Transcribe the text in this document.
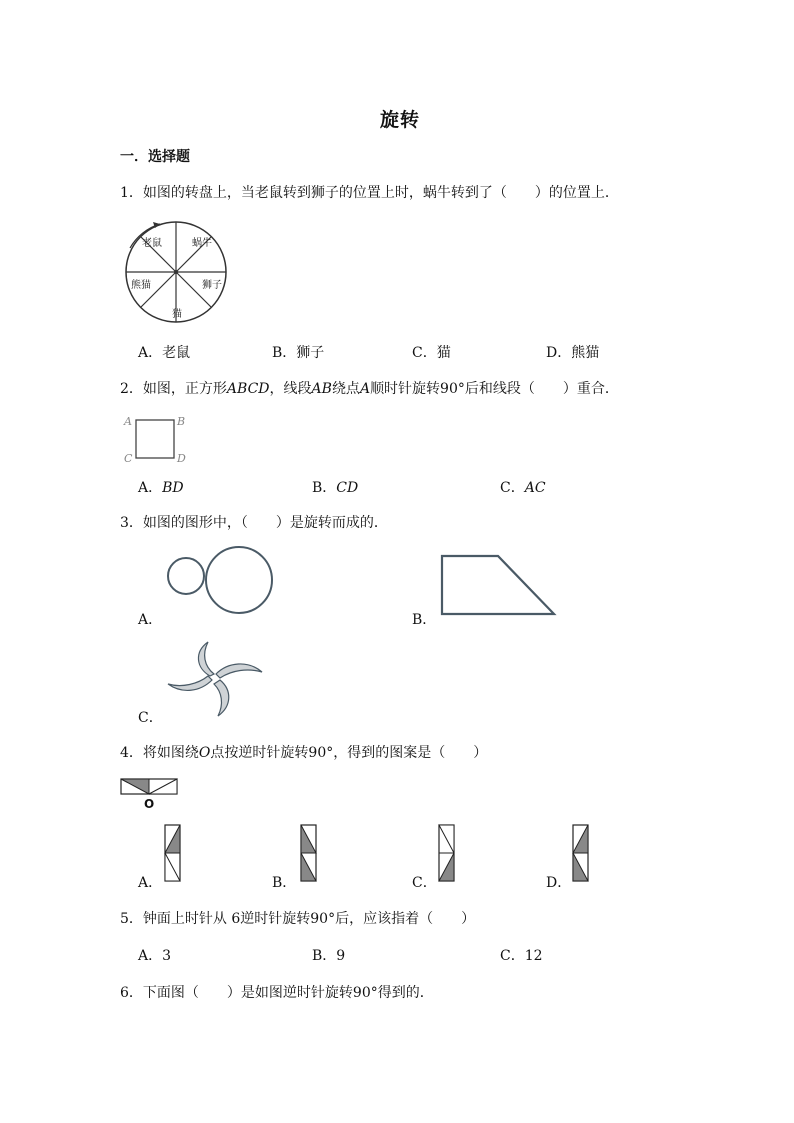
旋转
一．选择题
1．如图的转盘上，当老鼠转到狮子的位置上时，蜗牛转到了（　　）的位置上．
老鼠	蜗牛
熊猫	狮子
猫
A．老鼠	B．狮子	C．猫	D．熊猫
2．如图，正方形ABCD，线段AB绕点A顺时针旋转90°后和线段（　　）重合．
A	B
C	D
A．BD	B．CD	C．AC
3．如图的图形中，（　　）是旋转而成的．
A．	B．
C．
4．将如图绕O点按逆时针旋转90°，得到的图案是（　　）
O
A．	B．	C．	D．
5．钟面上时针从 6逆时针旋转90°后，应该指着（　　）
A．3	B．9	C．12
6．下面图（　　）是如图逆时针旋转90°得到的．
